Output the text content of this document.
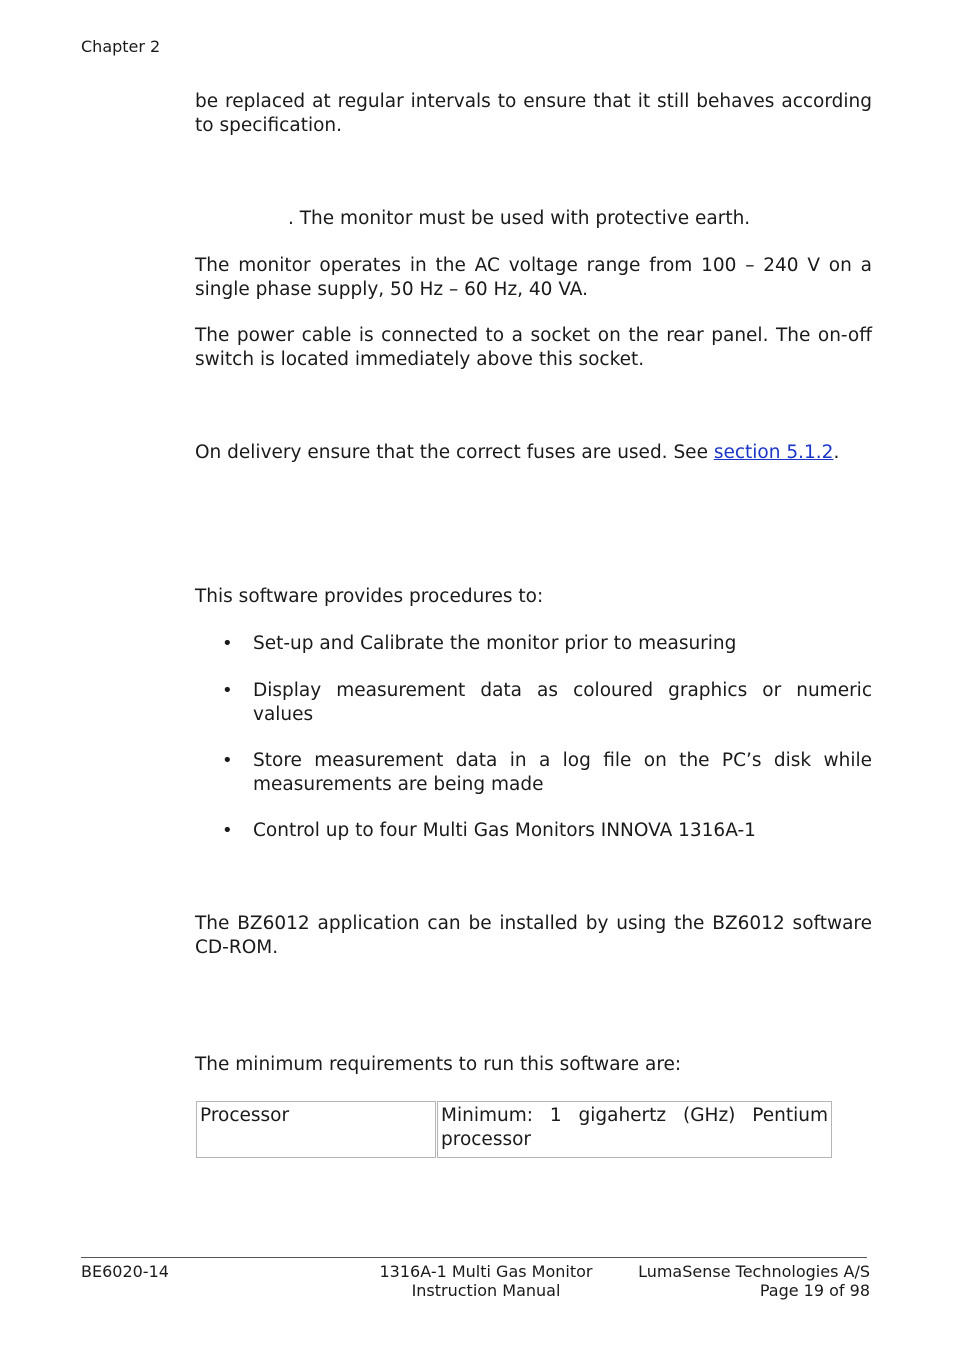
Chapter 2

be replaced at regular intervals to ensure that it still behaves according to specification.

. The monitor must be used with protective earth.

The monitor operates in the AC voltage range from 100 – 240 V on a single phase supply, 50 Hz – 60 Hz, 40 VA.

The power cable is connected to a socket on the rear panel. The on-off switch is located immediately above this socket.

On delivery ensure that the correct fuses are used. See section 5.1.2.

This software provides procedures to:

• Set-up and Calibrate the monitor prior to measuring

• Display measurement data as coloured graphics or numeric values

• Store measurement data in a log file on the PC’s disk while measurements are being made

• Control up to four Multi Gas Monitors INNOVA 1316A-1

The BZ6012 application can be installed by using the BZ6012 software CD-ROM.

The minimum requirements to run this software are:

Processor	Minimum: 1 gigahertz (GHz) Pentium processor
BE6020-14	1316A-1 Multi Gas Monitor
Instruction Manual
LumaSense Technologies A/S
Page 19 of 98
